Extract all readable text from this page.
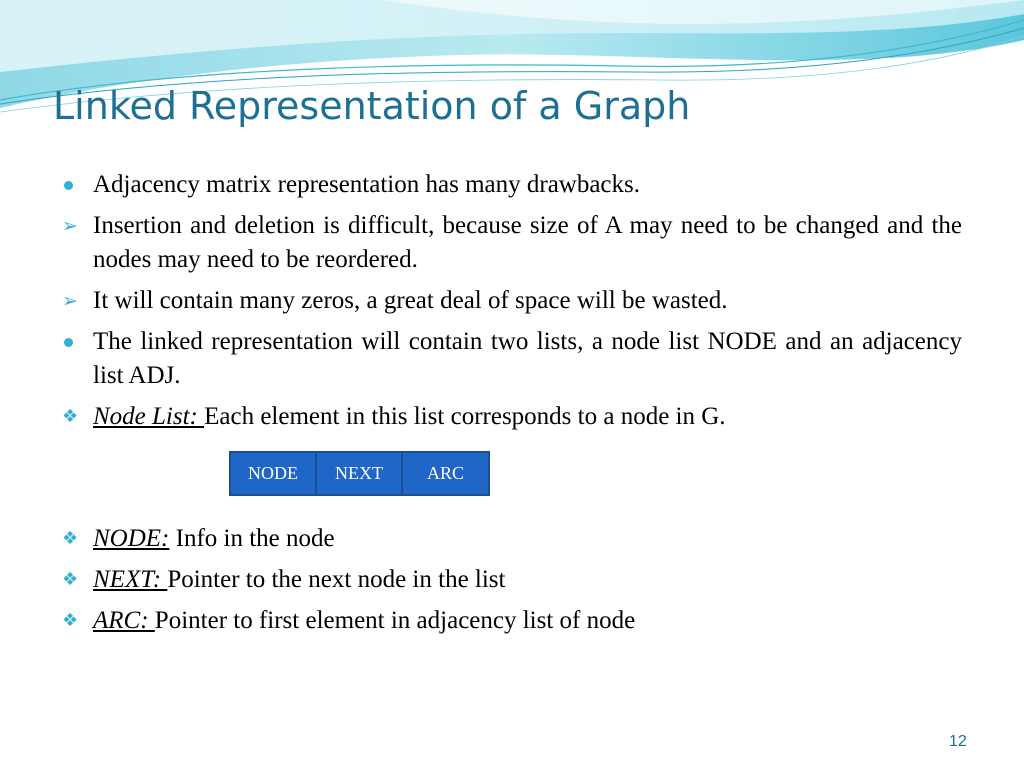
Linked Representation of a Graph
Adjacency matrix representation has many drawbacks.
➢ Insertion and deletion is difficult, because size of A may need to be changed and the nodes may need to be reordered.
➢ It will contain many zeros, a great deal of space will be wasted.
The linked representation will contain two lists, a node list NODE and an adjacency list ADJ.
❖ Node List: Each element in this list corresponds to a node in G.
NODE	NEXT	ARC
❖ NODE: Info in the node
❖ NEXT: Pointer to the next node in the list
❖ ARC: Pointer to first element in adjacency list of node
12
